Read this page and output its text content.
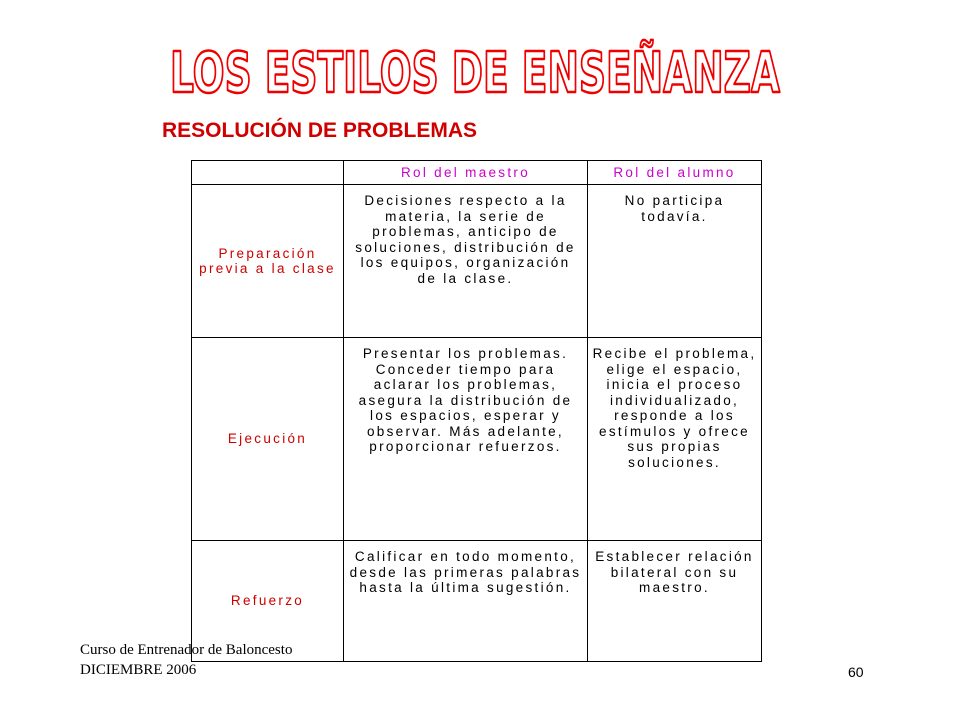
LOS ESTILOS DE ENSEÑANZA
RESOLUCIÓN DE PROBLEMAS
	Rol del maestro	Rol del alumno
Preparación previa a la clase	Decisiones respecto a la materia, la serie de problemas, anticipo de soluciones, distribución de los equipos, organización de la clase.	No participa todavía.
Ejecución	Presentar los problemas. Conceder tiempo para aclarar los problemas, asegura la distribución de los espacios, esperar y observar. Más adelante, proporcionar refuerzos.	Recibe el problema, elige el espacio, inicia el proceso individualizado, responde a los estímulos y ofrece sus propias soluciones.
Refuerzo	Calificar en todo momento, desde las primeras palabras hasta la última sugestión.	Establecer relación bilateral con su maestro.
Curso de Entrenador de Baloncesto
DICIEMBRE 2006	60
